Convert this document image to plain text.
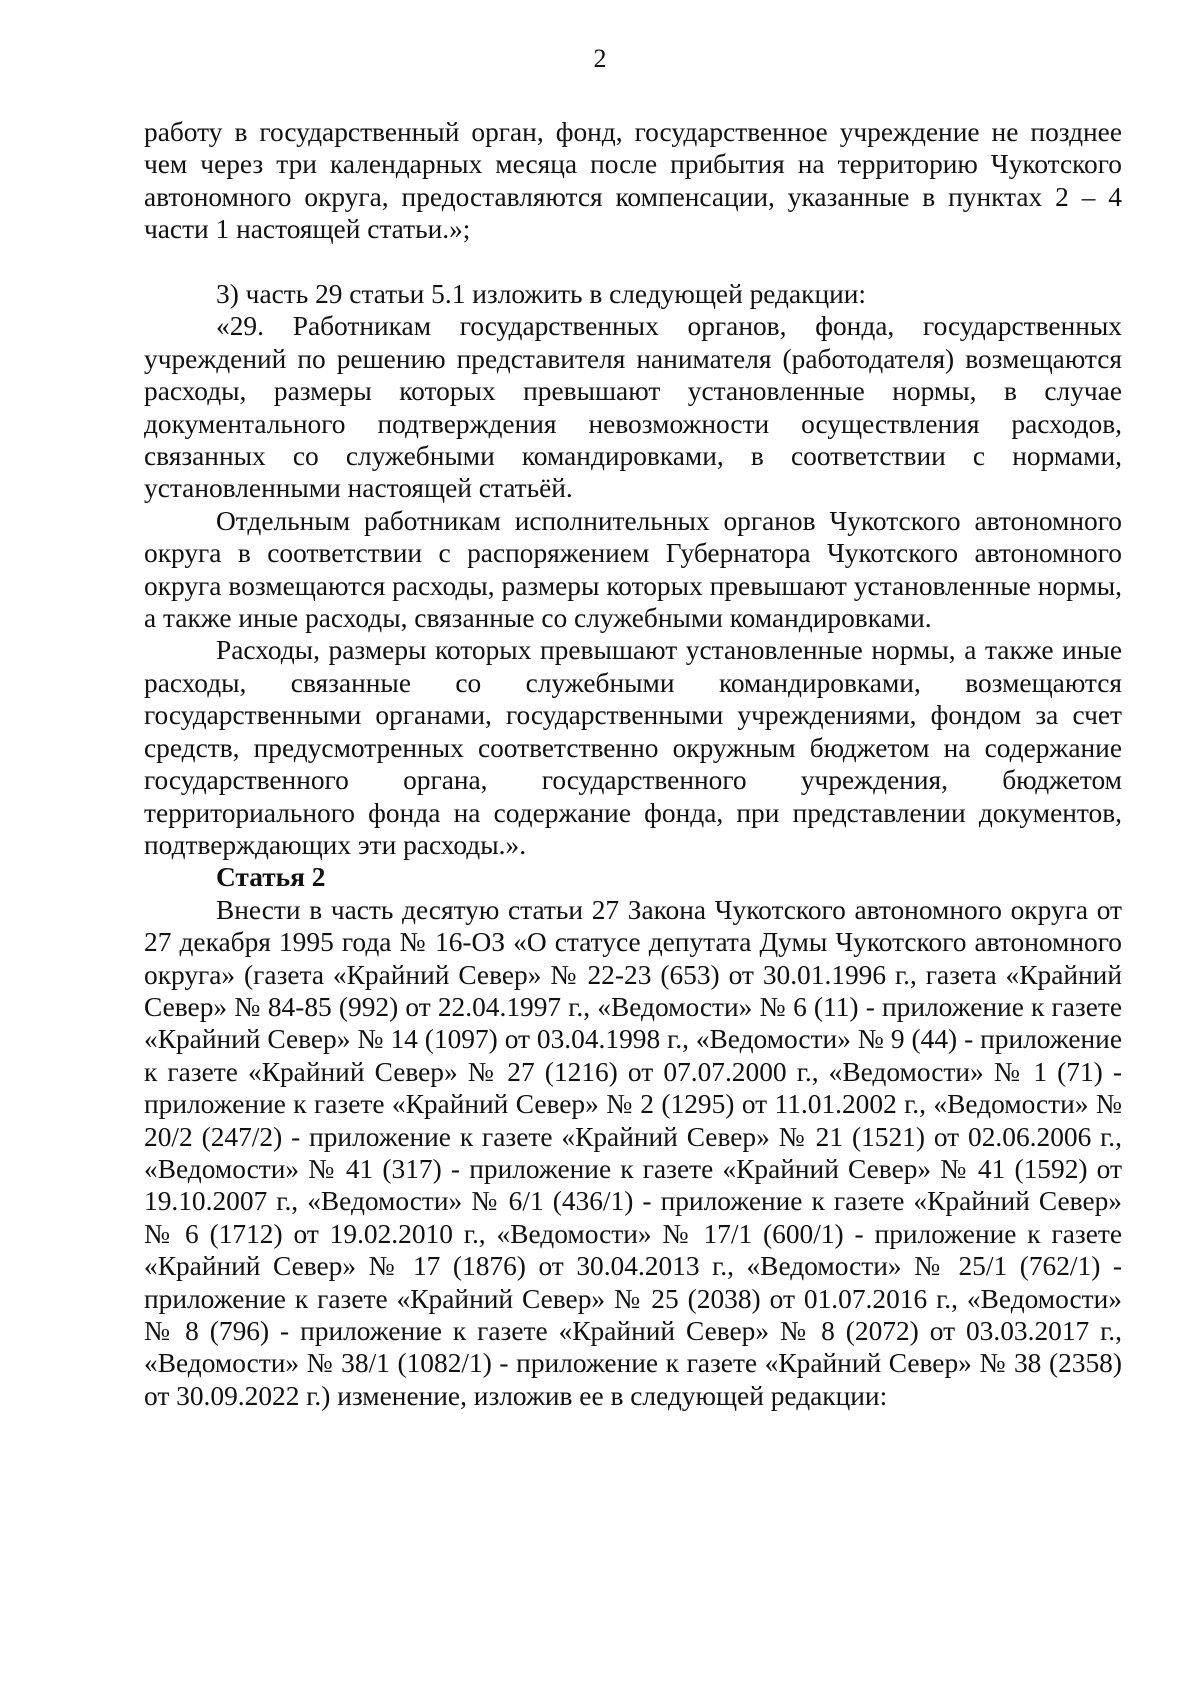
2

работу в государственный орган, фонд, государственное учреждение не позднее чем через три календарных месяца после прибытия на территорию Чукотского автономного округа, предоставляются компенсации, указанные в пунктах 2 – 4 части 1 настоящей статьи.»;

3) часть 29 статьи 5.1 изложить в следующей редакции:

«29. Работникам государственных органов, фонда, государственных учреждений по решению представителя нанимателя (работодателя) возмещаются расходы, размеры которых превышают установленные нормы, в случае документального подтверждения невозможности осуществления расходов, связанных со служебными командировками, в соответствии с нормами, установленными настоящей статьёй.

Отдельным работникам исполнительных органов Чукотского автономного округа в соответствии с распоряжением Губернатора Чукотского автономного округа возмещаются расходы, размеры которых превышают установленные нормы, а также иные расходы, связанные со служебными командировками.

Расходы, размеры которых превышают установленные нормы, а также иные расходы, связанные со служебными командировками, возмещаются государственными органами, государственными учреждениями, фондом за счет средств, предусмотренных соответственно окружным бюджетом на содержание государственного органа, государственного учреждения, бюджетом территориального фонда на содержание фонда, при представлении документов, подтверждающих эти расходы.».

Статья 2

Внести в часть десятую статьи 27 Закона Чукотского автономного округа от 27 декабря 1995 года № 16-ОЗ «О статусе депутата Думы Чукотского автономного округа» (газета «Крайний Север» № 22-23 (653) от 30.01.1996 г., газета «Крайний Север» № 84-85 (992) от 22.04.1997 г., «Ведомости» № 6 (11) - приложение к газете «Крайний Север» № 14 (1097) от 03.04.1998 г., «Ведомости» № 9 (44) - приложение к газете «Крайний Север» № 27 (1216) от 07.07.2000 г., «Ведомости» № 1 (71) - приложение к газете «Крайний Север» № 2 (1295) от 11.01.2002 г., «Ведомости» № 20/2 (247/2) - приложение к газете «Крайний Север» № 21 (1521) от 02.06.2006 г., «Ведомости» № 41 (317) - приложение к газете «Крайний Север» № 41 (1592) от 19.10.2007 г., «Ведомости» № 6/1 (436/1) - приложение к газете «Крайний Север» № 6 (1712) от 19.02.2010 г., «Ведомости» № 17/1 (600/1) - приложение к газете «Крайний Север» № 17 (1876) от 30.04.2013 г., «Ведомости» № 25/1 (762/1) - приложение к газете «Крайний Север» № 25 (2038) от 01.07.2016 г., «Ведомости» № 8 (796) - приложение к газете «Крайний Север» № 8 (2072) от 03.03.2017 г., «Ведомости» № 38/1 (1082/1) - приложение к газете «Крайний Север» № 38 (2358) от 30.09.2022 г.) изменение, изложив ее в следующей редакции:
